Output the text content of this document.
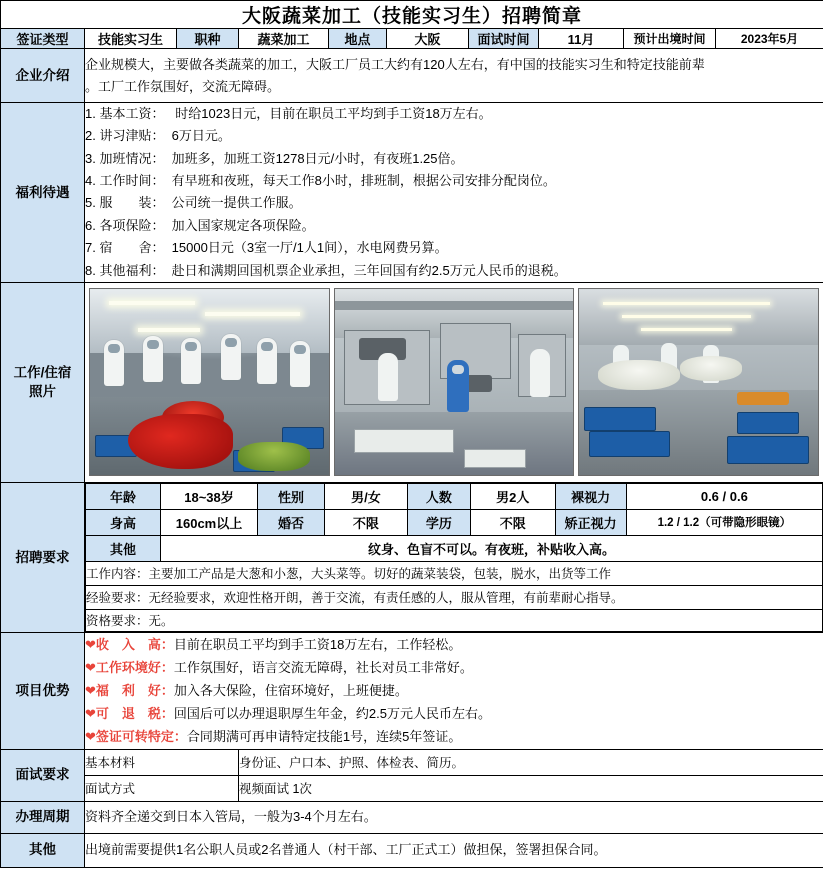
大阪蔬菜加工（技能实习生）招聘简章
签证类型	技能实习生	职种	蔬菜加工	地点	大阪	面试时间	11月	预计出境时间	2023年5月
企业介绍	
企业规模大，主要做各类蔬菜的加工，大阪工厂员工大约有120人左右，有中国的技能实习生和特定技能前辈
。工厂工作氛围好，交流无障碍。

福利待遇	
1. 基本工资：   时给1023日元，目前在职员工平均到手工资18万左右。
2. 讲习津贴：  6万日元。
3. 加班情况：  加班多，加班工资1278日元/小时，有夜班1.25倍。
4. 工作时间：  有早班和夜班，每天工作8小时，排班制，根据公司安排分配岗位。
5. 服　　装：  公司统一提供工作服。
6. 各项保险：  加入国家规定各项保险。
7. 宿　　舍：  15000日元（3室一厅/1人1间），水电网费另算。
8. 其他福利：  赴日和满期回国机票企业承担，三年回国有约2.5万元人民币的退税。

工作/住宿
照片

招聘要求	
年龄	18~38岁	性别	男/女	人数	男2人	裸视力	0.6 / 0.6
身高	160cm以上	婚否	不限	学历	不限	矫正视力	1.2 / 1.2（可带隐形眼镜）
其他	纹身、色盲不可以。有夜班，补贴收入高。
工作内容：主要加工产品是大葱和小葱，大头菜等。切好的蔬菜装袋，包装，脱水，出货等工作
经验要求：无经验要求，欢迎性格开朗，善于交流，有责任感的人，服从管理，有前辈耐心指导。
资格要求：无。

项目优势	
❤收　入　高：目前在职员工平均到手工资18万左右，工作轻松。
❤工作环境好：工作氛围好，语言交流无障碍，社长对员工非常好。
❤福　利　好：加入各大保险，住宿环境好，上班便捷。
❤可　退　税：回国后可以办理退职厚生年金，约2.5万元人民币左右。
❤签证可转特定：合同期满可再申请特定技能1号，连续5年签证。

面试要求	基本材料	身份证、户口本、护照、体检表、简历。
面试方式	视频面试 1次
办理周期	资料齐全递交到日本入管局，一般为3-4个月左右。
其他	出境前需要提供1名公职人员或2名普通人（村干部、工厂正式工）做担保，签署担保合同。
